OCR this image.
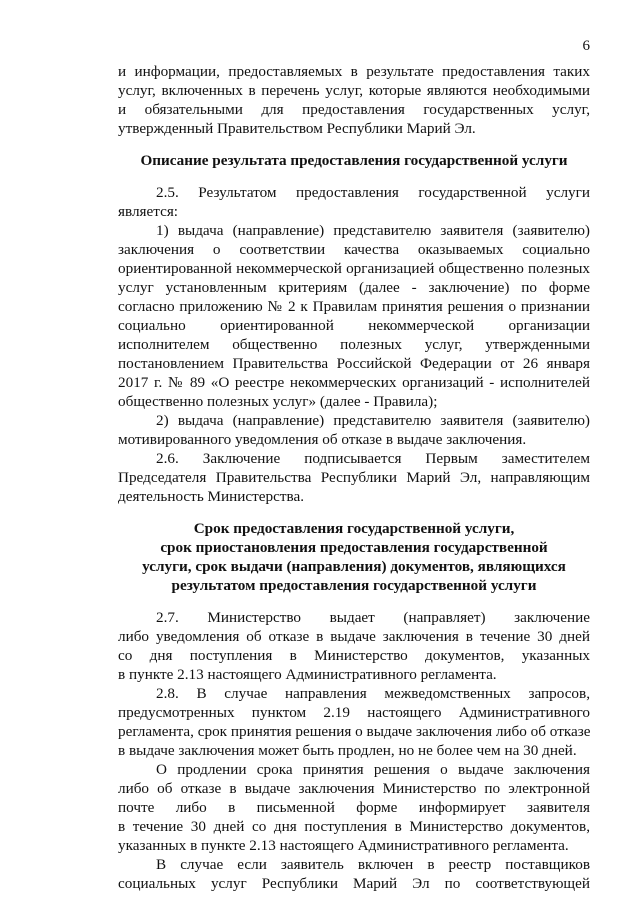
6
и информации, предоставляемых в результате предоставления таких
услуг, включенных в перечень услуг, которые являются необходимыми
и обязательными для предоставления государственных услуг,
утвержденный Правительством Республики Марий Эл.
Описание результата предоставления государственной услуги
2.5. Результатом предоставления государственной услуги
является:
1) выдача (направление) представителю заявителя (заявителю)
заключения о соответствии качества оказываемых социально
ориентированной некоммерческой организацией общественно полезных
услуг установленным критериям (далее - заключение) по форме
согласно приложению № 2 к Правилам принятия решения о признании
социально ориентированной некоммерческой организации
исполнителем общественно полезных услуг, утвержденными
постановлением Правительства Российской Федерации от 26 января
2017 г. № 89 «О реестре некоммерческих организаций - исполнителей
общественно полезных услуг» (далее - Правила);
2) выдача (направление) представителю заявителя (заявителю)
мотивированного уведомления об отказе в выдаче заключения.
2.6. Заключение подписывается Первым заместителем
Председателя Правительства Республики Марий Эл, направляющим
деятельность Министерства.
Срок предоставления государственной услуги,
срок приостановления предоставления государственной
услуги, срок выдачи (направления) документов, являющихся
результатом предоставления государственной услуги
2.7. Министерство выдает (направляет) заключение
либо уведомления об отказе в выдаче заключения в течение 30 дней
со дня поступления в Министерство документов, указанных
в пункте 2.13 настоящего Административного регламента.
2.8. В случае направления межведомственных запросов,
предусмотренных пунктом 2.19 настоящего Административного
регламента, срок принятия решения о выдаче заключения либо об отказе
в выдаче заключения может быть продлен, но не более чем на 30 дней.
О продлении срока принятия решения о выдаче заключения
либо об отказе в выдаче заключения Министерство по электронной
почте либо в письменной форме информирует заявителя
в течение 30 дней со дня поступления в Министерство документов,
указанных в пункте 2.13 настоящего Административного регламента.
В случае если заявитель включен в реестр поставщиков
социальных услуг Республики Марий Эл по соответствующей
